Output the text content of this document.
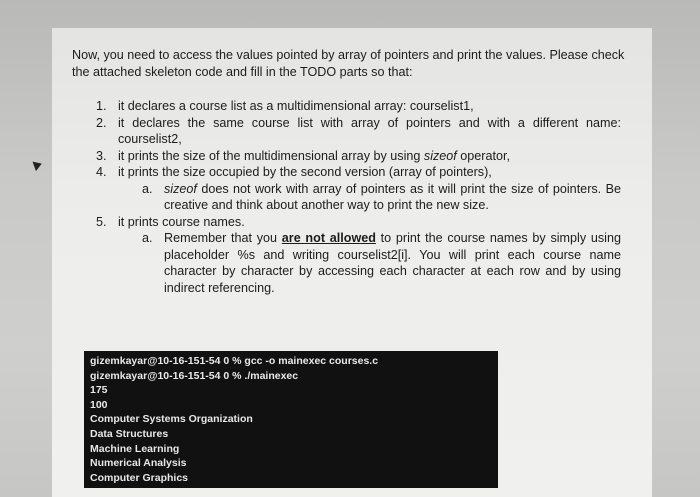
Now, you need to access the values pointed by array of pointers and print the values. Please check the attached skeleton code and fill in the TODO parts so that:
1. it declares a course list as a multidimensional array: courselist1,
2. it declares the same course list with array of pointers and with a different name: courselist2,
3. it prints the size of the multidimensional array by using sizeof operator,
4. it prints the size occupied by the second version (array of pointers),
a. sizeof does not work with array of pointers as it will print the size of pointers. Be creative and think about another way to print the new size.
5. it prints course names.
a. Remember that you are not allowed to print the course names by simply using placeholder %s and writing courselist2[i]. You will print each course name character by character by accessing each character at each row and by using indirect referencing.
gizemkayar@10-16-151-54 0 % gcc -o mainexec courses.c
gizemkayar@10-16-151-54 0 % ./mainexec
175
100
Computer Systems Organization
Data Structures
Machine Learning
Numerical Analysis
Computer Graphics
